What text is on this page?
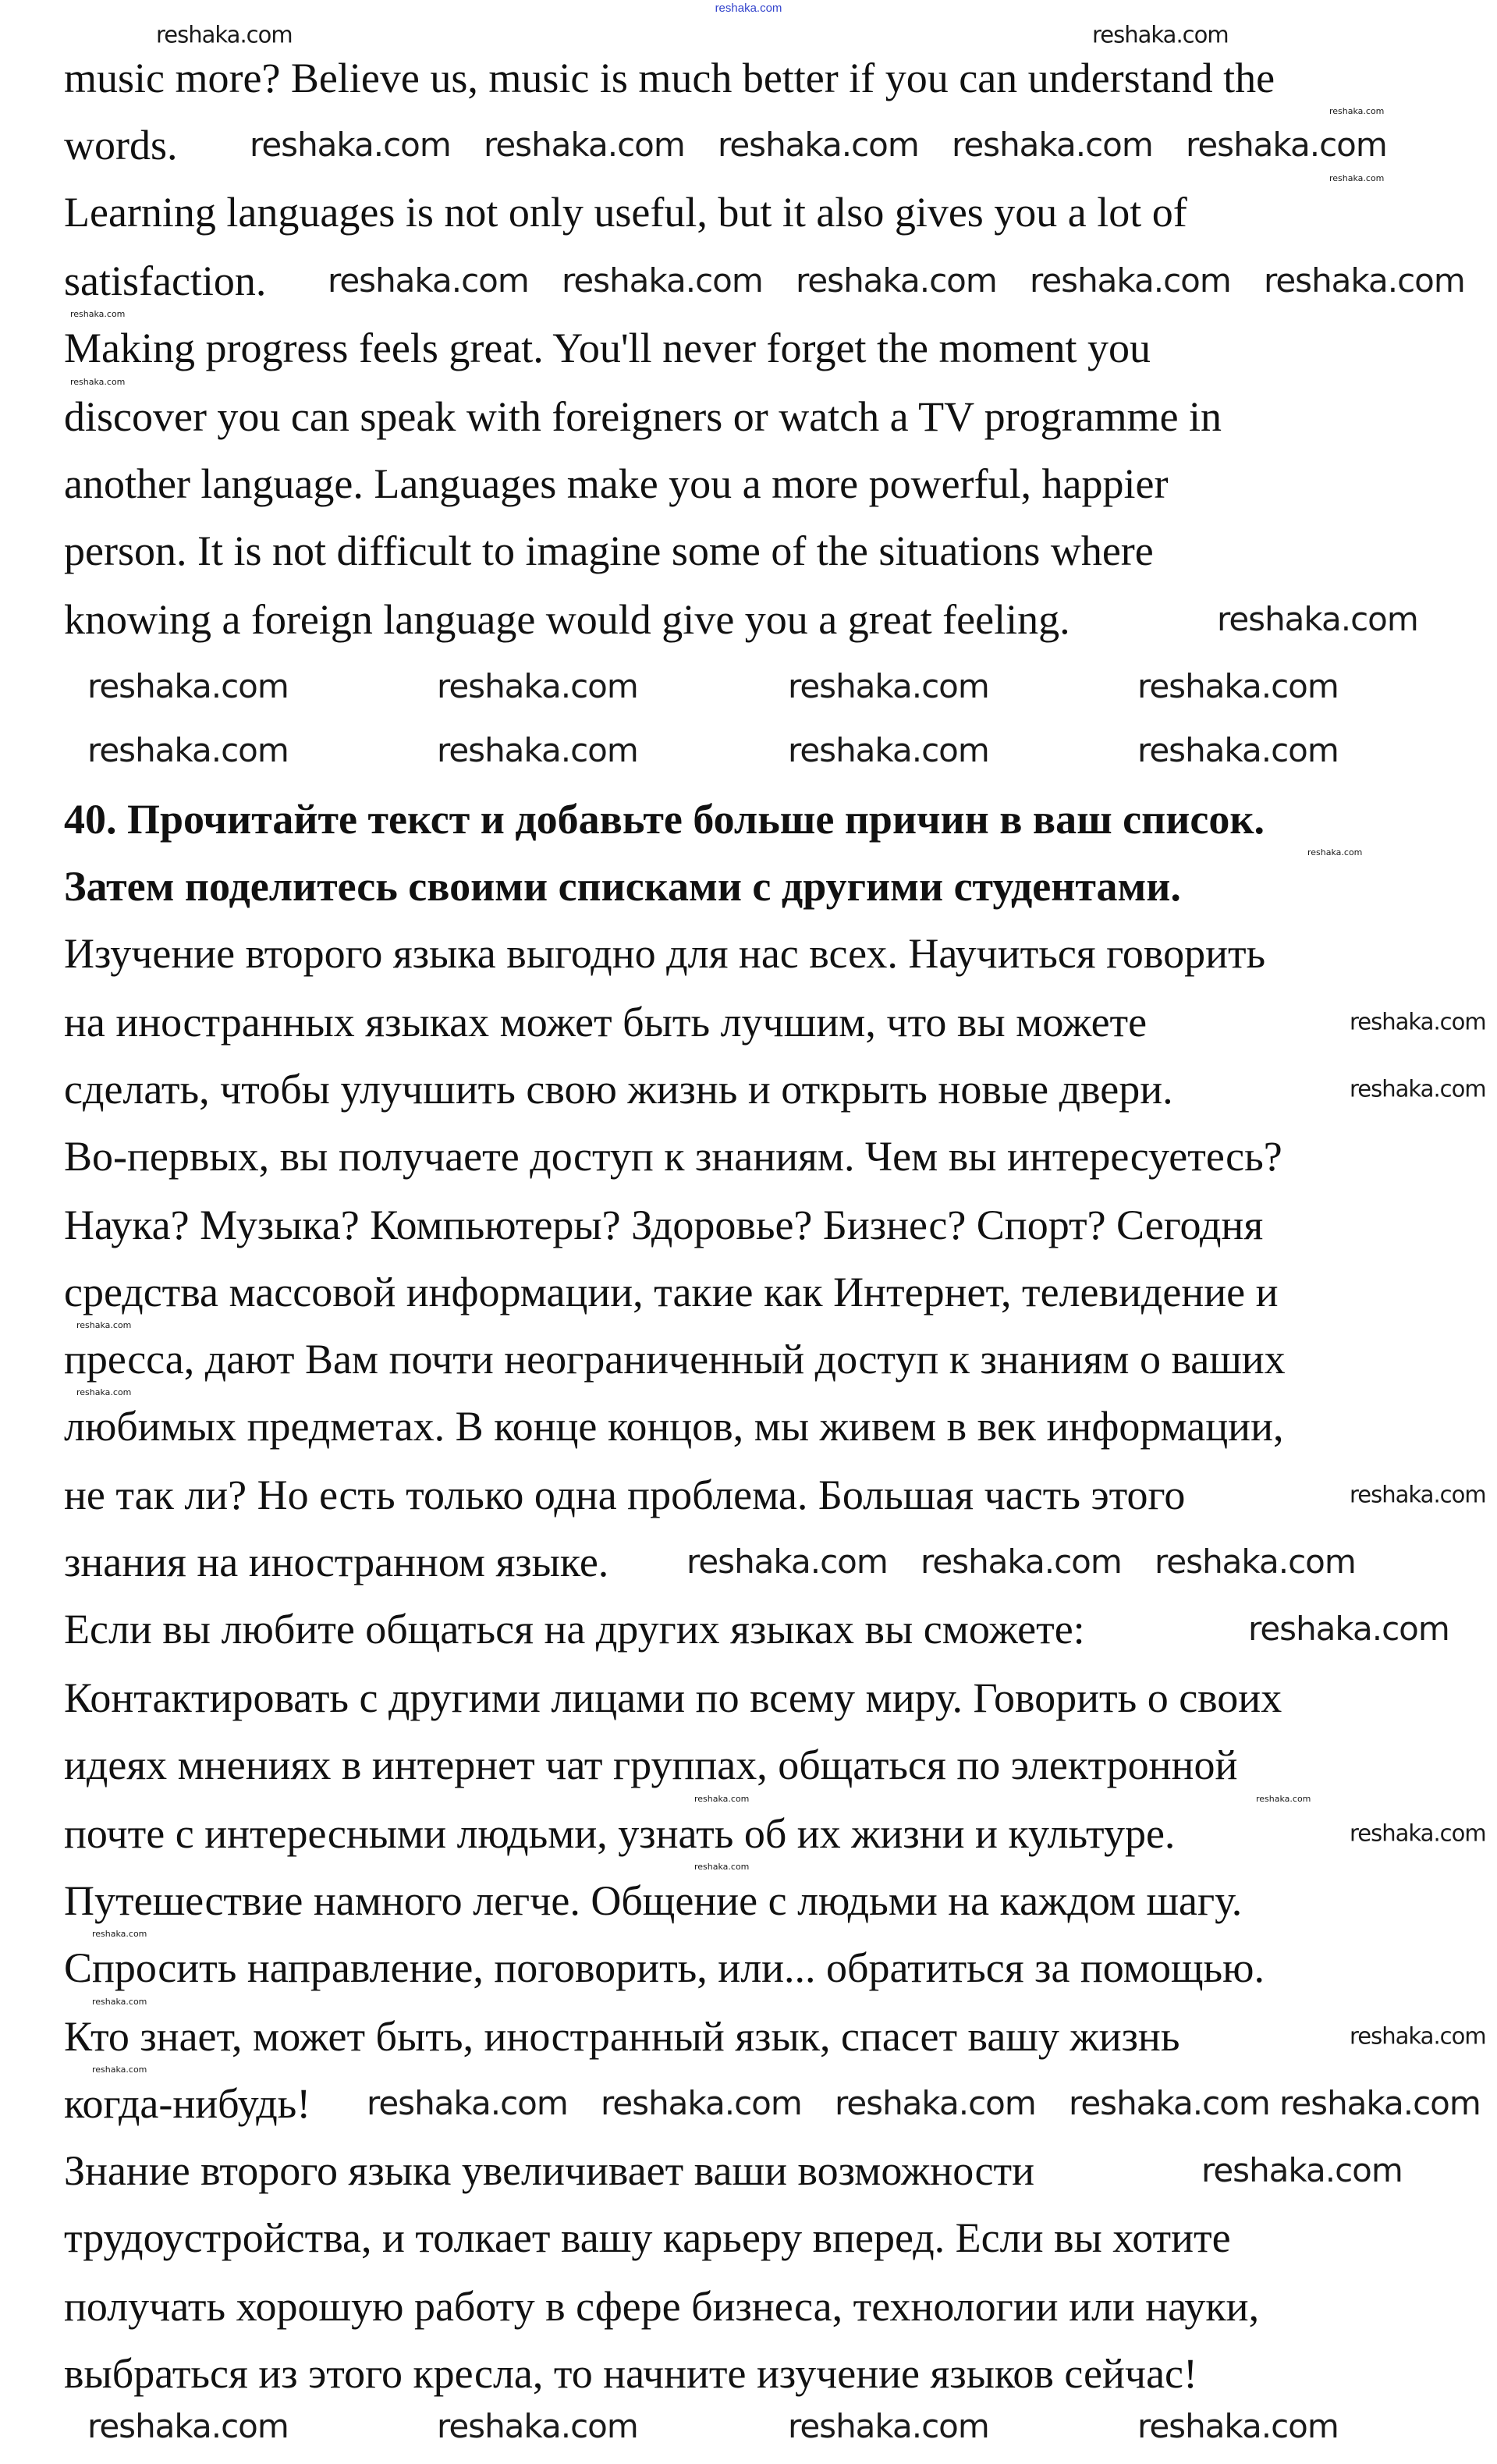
reshaka.com
music more? Believe us, music is much better if you can understand the
words.
Learning languages is not only useful, but it also gives you a lot of
satisfaction.
Making progress feels great. You'll never forget the moment you
discover you can speak with foreigners or watch a TV programme in
another language. Languages make you a more powerful, happier
person. It is not difficult to imagine some of the situations where
knowing a foreign language would give you a great feeling.
40. Прочитайте текст и добавьте больше причин в ваш список.
Затем поделитесь своими списками с другими студентами.
Изучение второго языка выгодно для нас всех. Научиться говорить
на иностранных языках может быть лучшим, что вы можете
сделать, чтобы улучшить свою жизнь и открыть новые двери.
Во-первых, вы получаете доступ к знаниям. Чем вы интересуетесь?
Наука? Музыка? Компьютеры? Здоровье? Бизнес? Спорт? Сегодня
средства массовой информации, такие как Интернет, телевидение и
пресса, дают Вам почти неограниченный доступ к знаниям о ваших
любимых предметах. В конце концов, мы живем в век информации,
не так ли? Но есть только одна проблема. Большая часть этого
знания на иностранном языке.
Если вы любите общаться на других языках вы сможете:
Контактировать с другими лицами по всему миру. Говорить о своих
идеях мнениях в интернет чат группах, общаться по электронной
почте с интересными людьми, узнать об их жизни и культуре.
Путешествие намного легче. Общение с людьми на каждом шагу.
Спросить направление, поговорить, или... обратиться за помощью.
Кто знает, может быть, иностранный язык, спасет вашу жизнь
когда-нибудь!
Знание второго языка увеличивает ваши возможности
трудоустройства, и толкает вашу карьеру вперед. Если вы хотите
получать хорошую работу в сфере бизнеса, технологии или науки,
выбраться из этого кресла, то начните изучение языков сейчас!
reshaka.com	reshaka.com
reshaka.com reshaka.com reshaka.com reshaka.com reshaka.com
reshaka.com reshaka.com reshaka.com reshaka.com reshaka.com
reshaka.com
reshaka.com	reshaka.com	reshaka.com	reshaka.com
reshaka.com	reshaka.com	reshaka.com	reshaka.com
reshaka.com
reshaka.com
reshaka.com
reshaka.com reshaka.com reshaka.com
reshaka.com
reshaka.com
reshaka.com
reshaka.com reshaka.com reshaka.com reshaka.com reshaka.com
reshaka.com
reshaka.com	reshaka.com	reshaka.com	reshaka.com
reshaka.com
reshaka.com
reshaka.com
reshaka.com
reshaka.com
reshaka.com
reshaka.com
reshaka.com
reshaka.com
reshaka.com
reshaka.com
reshaka.com
reshaka.com
